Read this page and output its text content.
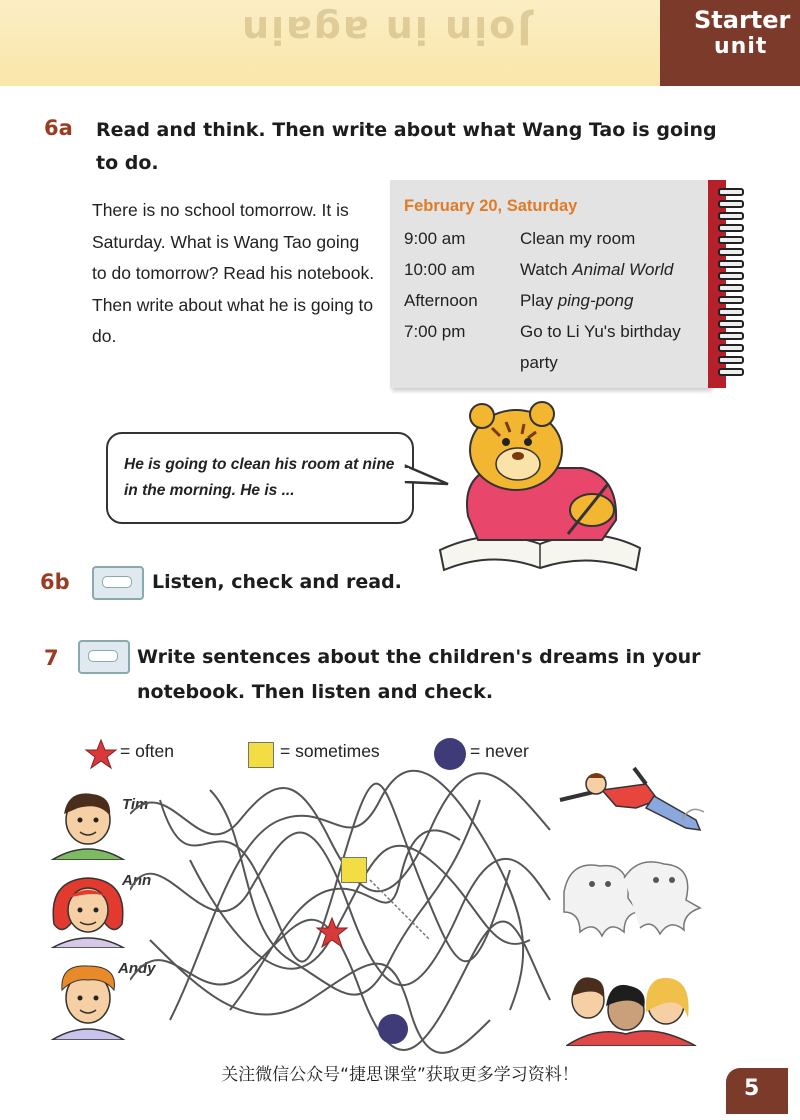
Join in again	Starter
unit
6a Read and think. Then write about what Wang Tao is going to do.
There is no school tomorrow. It is Saturday. What is Wang Tao going to do tomorrow? Read his notebook. Then write about what he is going to do.
February 20, Saturday
9:00 am	Clean my room
10:00 am	Watch Animal World
Afternoon Play ping-pong
7:00 pm	Go to Li Yu's birthday party
He is going to clean his room at nine in the morning. He is ...
6b	Listen, check and read.
7	Write sentences about the children's dreams in your notebook. Then listen and check.
= often	= sometimes	= never
Tim
Ann
Andy
关注微信公众号“捷思课堂”获取更多学习资料！
5
